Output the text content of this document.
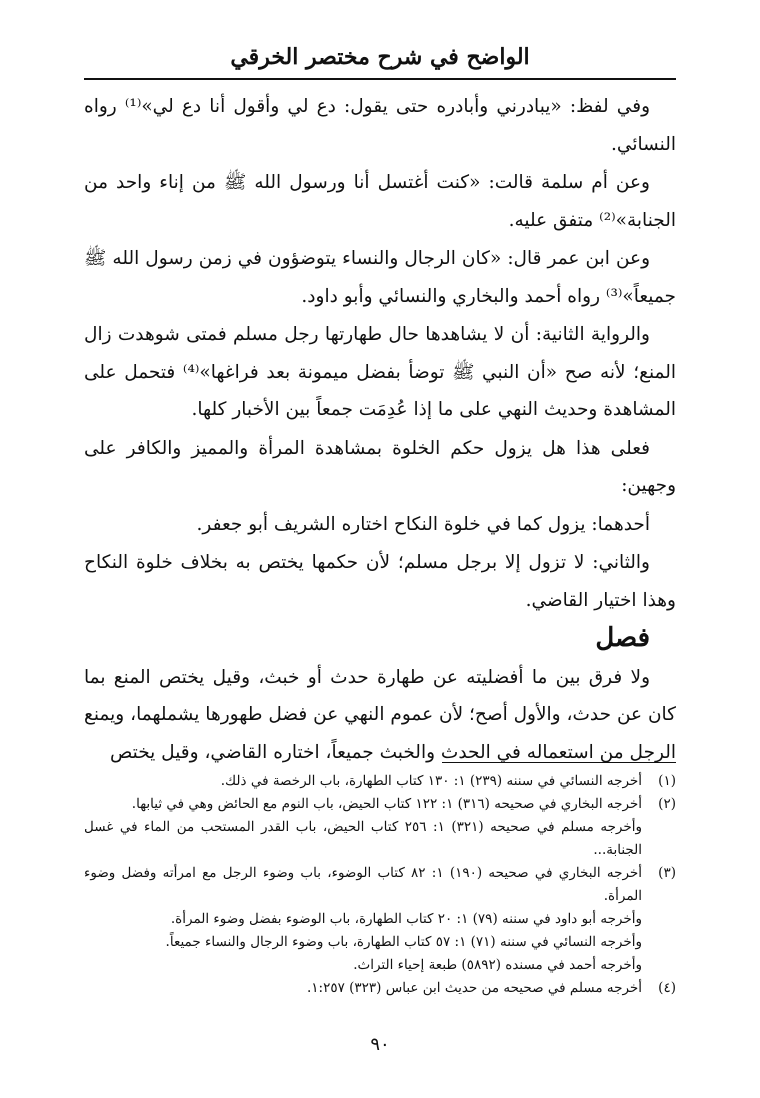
الواضح في شرح مختصر الخرقي

وفي لفظ: «يبادرني وأبادره حتى يقول: دع لي وأقول أنا دع لي»⁽¹⁾ رواه النسائي.

وعن أم سلمة قالت: «كنت أغتسل أنا ورسول الله ﷺ من إناء واحد من الجنابة»⁽²⁾ متفق عليه.

وعن ابن عمر قال: «كان الرجال والنساء يتوضؤون في زمن رسول الله ﷺ جميعاً»⁽³⁾ رواه أحمد والبخاري والنسائي وأبو داود.

والرواية الثانية: أن لا يشاهدها حال طهارتها رجل مسلم فمتى شوهدت زال المنع؛ لأنه صح «أن النبي ﷺ توضأ بفضل ميمونة بعد فراغها»⁽⁴⁾ فتحمل على المشاهدة وحديث النهي على ما إذا عُدِمَت جمعاً بين الأخبار كلها.

فعلى هذا هل يزول حكم الخلوة بمشاهدة المرأة والمميز والكافر على وجهين:

أحدهما: يزول كما في خلوة النكاح اختاره الشريف أبو جعفر.

والثاني: لا تزول إلا برجل مسلم؛ لأن حكمها يختص به بخلاف خلوة النكاح وهذا اختيار القاضي.

فصل

ولا فرق بين ما أفضليته عن طهارة حدث أو خبث، وقيل يختص المنع بما كان عن حدث، والأول أصح؛ لأن عموم النهي عن فضل طهورها يشملهما، ويمنع الرجل من استعماله في الحدث والخبث جميعاً، اختاره القاضي، وقيل يختص

(١)
أخرجه النسائي في سننه (٢٣٩) ١: ١٣٠ كتاب الطهارة، باب الرخصة في ذلك.
(٢)
أخرجه البخاري في صحيحه (٣١٦) ١: ١٢٢ كتاب الحيض، باب النوم مع الحائض وهي في ثيابها.
وأخرجه مسلم في صحيحه (٣٢١) ١: ٢٥٦ كتاب الحيض، باب القدر المستحب من الماء في غسل الجنابة...
(٣)
أخرجه البخاري في صحيحه (١٩٠) ١: ٨٢ كتاب الوضوء، باب وضوء الرجل مع امرأته وفضل وضوء المرأة.
وأخرجه أبو داود في سننه (٧٩) ١: ٢٠ كتاب الطهارة، باب الوضوء بفضل وضوء المرأة.
وأخرجه النسائي في سننه (٧١) ١: ٥٧ كتاب الطهارة، باب وضوء الرجال والنساء جميعاً.
وأخرجه أحمد في مسنده (٥٨٩٢) طبعة إحياء التراث.
(٤)
أخرجه مسلم في صحيحه من حديث ابن عباس (٣٢٣) ١:٢٥٧.
٩٠
